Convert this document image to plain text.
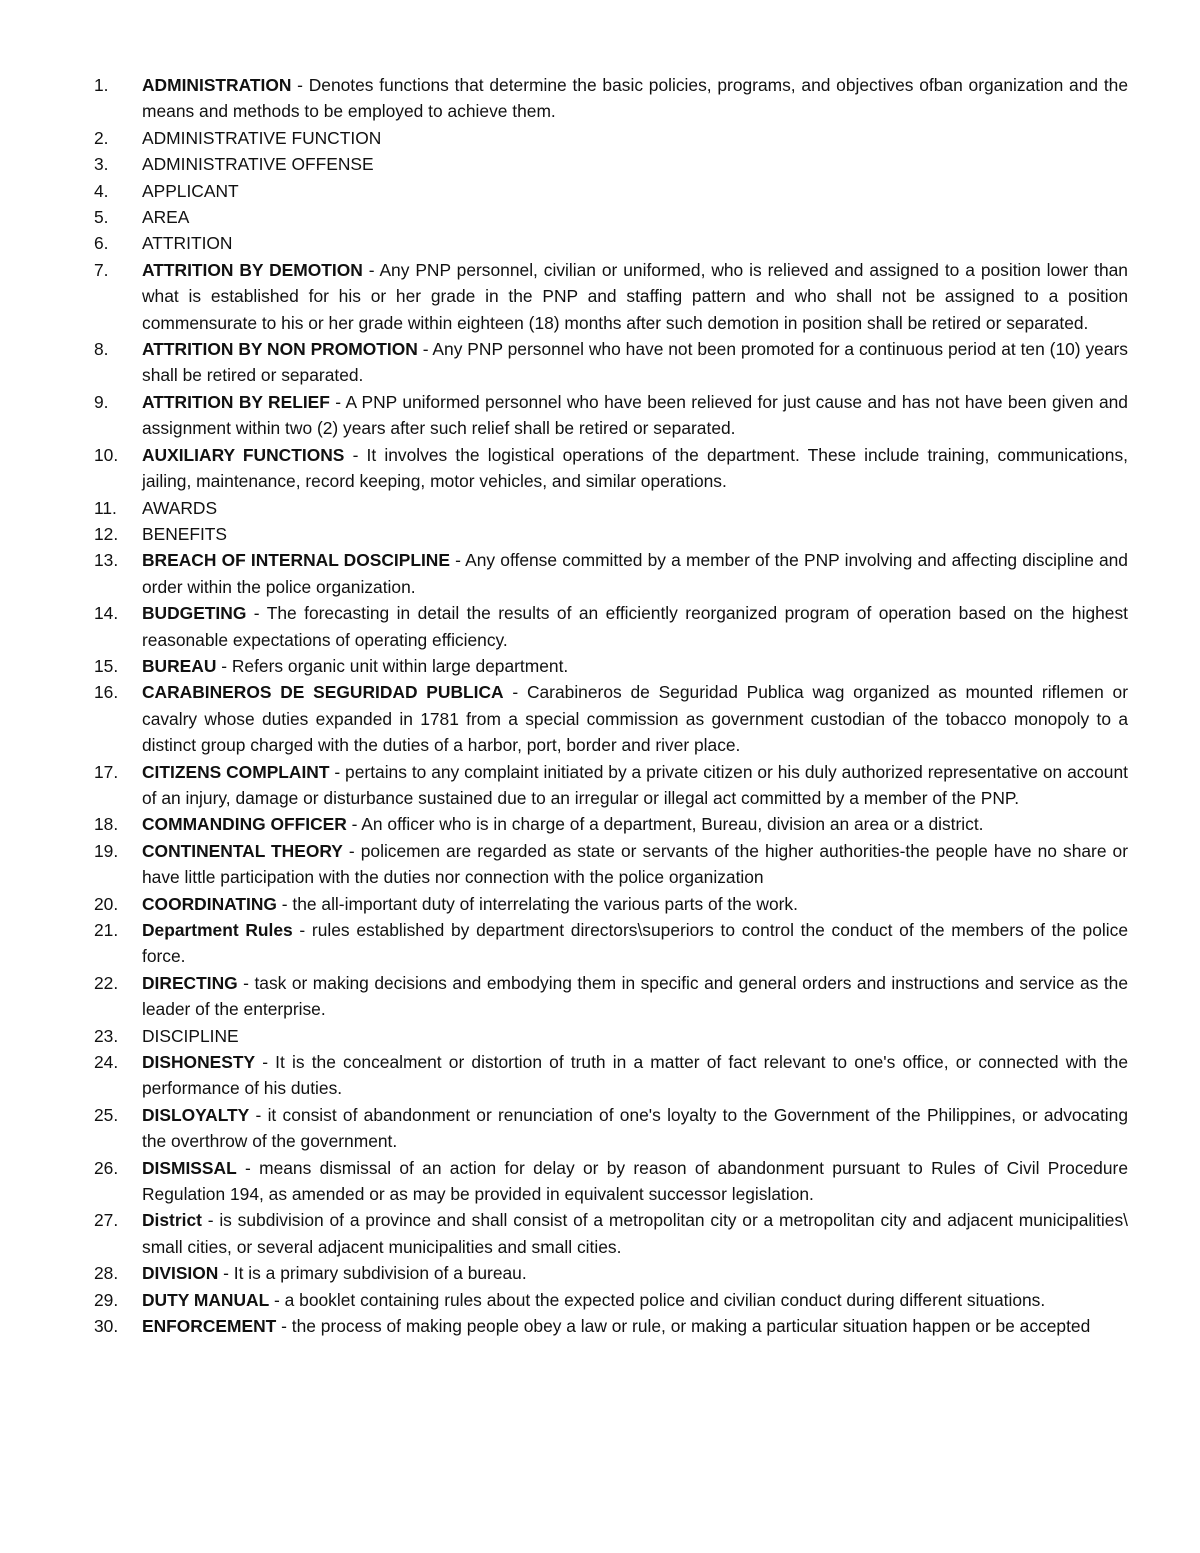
1.	ADMINISTRATION - Denotes functions that determine the basic policies, programs, and objectives ofban organization and the means and methods to be employed to achieve them.
2.	ADMINISTRATIVE FUNCTION
3.	ADMINISTRATIVE OFFENSE
4.	APPLICANT
5.	AREA
6.	ATTRITION
7.	ATTRITION BY DEMOTION - Any PNP personnel, civilian or uniformed, who is relieved and assigned to a position lower than what is established for his or her grade in the PNP and staffing pattern and who shall not be assigned to a position commensurate to his or her grade within eighteen (18) months after such demotion in position shall be retired or separated.
8.	ATTRITION BY NON PROMOTION - Any PNP personnel who have not been promoted for a continuous period at ten (10) years shall be retired or separated.
9.	ATTRITION BY RELIEF - A PNP uniformed personnel who have been relieved for just cause and has not have been given and assignment within two (2) years after such relief shall be retired or separated.
10.	AUXILIARY FUNCTIONS - It involves the logistical operations of the department. These include training, communications, jailing, maintenance, record keeping, motor vehicles, and similar operations.
11.	AWARDS
12.	BENEFITS
13.	BREACH OF INTERNAL DOSCIPLINE - Any offense committed by a member of the PNP involving and affecting discipline and order within the police organization.
14.	BUDGETING - The forecasting in detail the results of an efficiently reorganized program of operation based on the highest reasonable expectations of operating efficiency.
15.	BUREAU - Refers organic unit within large department.
16.	CARABINEROS DE SEGURIDAD PUBLICA - Carabineros de Seguridad Publica wag organized as mounted riflemen or cavalry whose duties expanded in 1781 from a special commission as government custodian of the tobacco monopoly to a distinct group charged with the duties of a harbor, port, border and river place.
17.	CITIZENS COMPLAINT - pertains to any complaint initiated by a private citizen or his duly authorized representative on account of an injury, damage or disturbance sustained due to an irregular or illegal act committed by a member of the PNP.
18.	COMMANDING OFFICER - An officer who is in charge of a department, Bureau, division an area or a district.
19.	CONTINENTAL THEORY - policemen are regarded as state or servants of the higher authorities-the people have no share or have little participation with the duties nor connection with the police organization
20.	COORDINATING - the all-important duty of interrelating the various parts of the work.
21.	Department Rules - rules established by department directors\superiors to control the conduct of the members of the police force.
22.	DIRECTING - task or making decisions and embodying them in specific and general orders and instructions and service as the leader of the enterprise.
23.	DISCIPLINE
24.	DISHONESTY - It is the concealment or distortion of truth in a matter of fact relevant to one's office, or connected with the performance of his duties.
25.	DISLOYALTY - it consist of abandonment or renunciation of one's loyalty to the Government of the Philippines, or advocating the overthrow of the government.
26.	DISMISSAL - means dismissal of an action for delay or by reason of abandonment pursuant to Rules of Civil Procedure Regulation 194, as amended or as may be provided in equivalent successor legislation.
27.	District - is subdivision of a province and shall consist of a metropolitan city or a metropolitan city and adjacent municipalities\ small cities, or several adjacent municipalities and small cities.
28.	DIVISION - It is a primary subdivision of a bureau.
29.	DUTY MANUAL - a booklet containing rules about the expected police and civilian conduct during different situations.
30.	ENFORCEMENT - the process of making people obey a law or rule, or making a particular situation happen or be accepted
